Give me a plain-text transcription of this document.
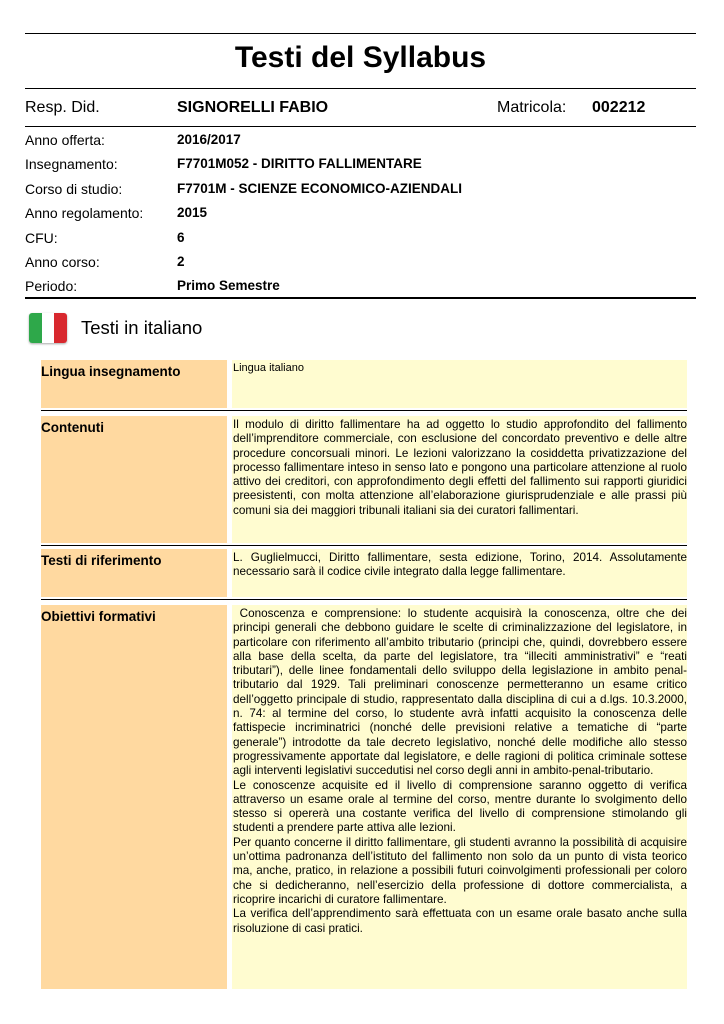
Testi del Syllabus
Resp. Did.	SIGNORELLI FABIO	Matricola: 002212
Anno offerta:	2016/2017
Insegnamento:	F7701M052 - DIRITTO FALLIMENTARE
Corso di studio:	F7701M - SCIENZE ECONOMICO-AZIENDALI
Anno regolamento: 2015
CFU:	6
Anno corso:	2
Periodo:	Primo Semestre
Testi in italiano
Lingua insegnamento	Lingua italiano

Contenuti	Il modulo di diritto fallimentare ha ad oggetto lo studio approfondito del fallimento dell’imprenditore commerciale, con esclusione del concordato preventivo e delle altre procedure concorsuali minori. Le lezioni valorizzano la cosiddetta privatizzazione del processo fallimentare inteso in senso lato e pongono una particolare attenzione al ruolo attivo dei creditori, con approfondimento degli effetti del fallimento sui rapporti giuridici preesistenti, con molta attenzione all’elaborazione giurisprudenziale e alle prassi più comuni sia dei maggiori tribunali italiani sia dei curatori fallimentari.

Testi di riferimento	L. Guglielmucci, Diritto fallimentare, sesta edizione, Torino, 2014. Assolutamente necessario sarà il codice civile integrato dalla legge fallimentare.

Obiettivi formativi	Conoscenza e comprensione: lo studente acquisirà la conoscenza, oltre che dei principi generali che debbono guidare le scelte di criminalizzazione del legislatore, in particolare con riferimento all’ambito tributario (principi che, quindi, dovrebbero essere alla base della scelta, da parte del legislatore, tra “illeciti amministrativi” e “reati tributari”), delle linee fondamentali dello sviluppo della legislazione in ambito penal-tributario dal 1929. Tali preliminari conoscenze permetteranno un esame critico dell’oggetto principale di studio, rappresentato dalla disciplina di cui a d.lgs. 10.3.2000, n. 74: al termine del corso, lo studente avrà infatti acquisito la conoscenza delle fattispecie incriminatrici (nonché delle previsioni relative a tematiche di “parte generale”) introdotte da tale decreto legislativo, nonché delle modifiche allo stesso progressivamente apportate dal legislatore, e delle ragioni di politica criminale sottese agli interventi legislativi succedutisi nel corso degli anni in ambito-penal-tributario.

Le conoscenze acquisite ed il livello di comprensione saranno oggetto di verifica attraverso un esame orale al termine del corso, mentre durante lo svolgimento dello stesso si opererà una costante verifica del livello di comprensione stimolando gli studenti a prendere parte attiva alle lezioni.

Per quanto concerne il diritto fallimentare, gli studenti avranno la possibilità di acquisire un’ottima padronanza dell’istituto del fallimento non solo da un punto di vista teorico ma, anche, pratico, in relazione a possibili futuri coinvolgimenti professionali per coloro che si dedicheranno, nell’esercizio della professione di dottore commercialista, a ricoprire incarichi di curatore fallimentare.

La verifica dell’apprendimento sarà effettuata con un esame orale basato anche sulla risoluzione di casi pratici.
